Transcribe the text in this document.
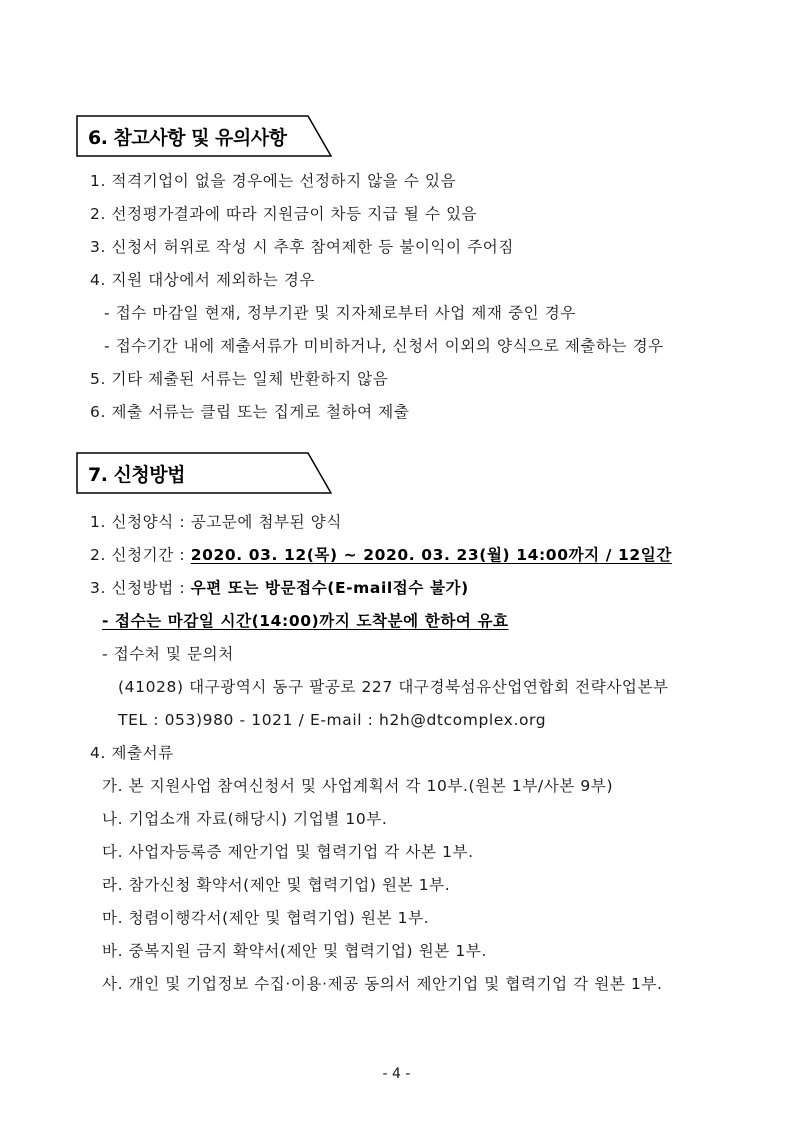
6. 참고사항 및 유의사항
1. 적격기업이 없을 경우에는 선정하지 않을 수 있음
2. 선정평가결과에 따라 지원금이 차등 지급 될 수 있음
3. 신청서 허위로 작성 시 추후 참여제한 등 불이익이 주어짐
4. 지원 대상에서 제외하는 경우
- 접수 마감일 현재, 정부기관 및 지자체로부터 사업 제재 중인 경우
- 접수기간 내에 제출서류가 미비하거나, 신청서 이외의 양식으로 제출하는 경우
5. 기타 제출된 서류는 일체 반환하지 않음
6. 제출 서류는 클립 또는 집게로 철하여 제출
7. 신청방법
1. 신청양식 : 공고문에 첨부된 양식
2. 신청기간 : 2020. 03. 12(목) ~ 2020. 03. 23(월) 14:00까지 / 12일간
3. 신청방법 : 우편 또는 방문접수(E-mail접수 불가)
- 접수는 마감일 시간(14:00)까지 도착분에 한하여 유효
- 접수처 및 문의처
(41028) 대구광역시 동구 팔공로 227 대구경북섬유산업연합회 전략사업본부
TEL : 053)980 - 1021 / E-mail : h2h@dtcomplex.org
4. 제출서류
가. 본 지원사업 참여신청서 및 사업계획서 각 10부.(원본 1부/사본 9부)
나. 기업소개 자료(해당시) 기업별 10부.
다. 사업자등록증 제안기업 및 협력기업 각 사본 1부.
라. 참가신청 확약서(제안 및 협력기업) 원본 1부.
마. 청렴이행각서(제안 및 협력기업) 원본 1부.
바. 중복지원 금지 확약서(제안 및 협력기업) 원본 1부.
사. 개인 및 기업정보 수집·이용·제공 동의서 제안기업 및 협력기업 각 원본 1부.
- 4 -
